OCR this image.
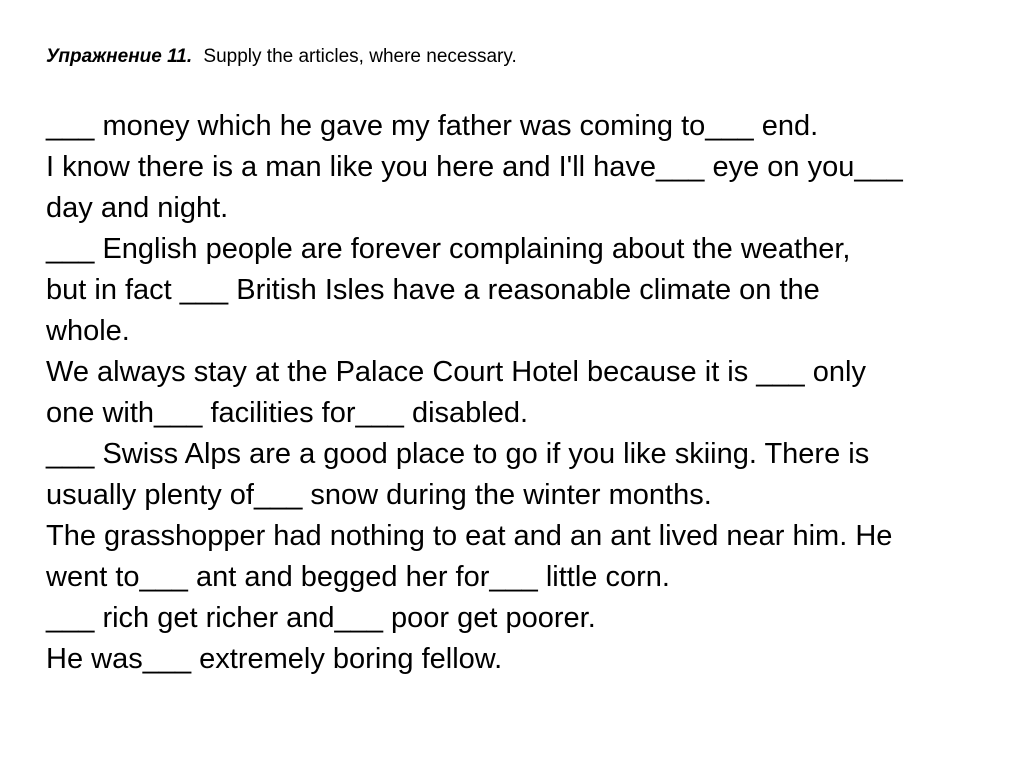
Упражнение 11. Supply the articles, where necessary.

___ money which he gave my father was coming to___ end.

I know there is a man like you here and I'll have___ eye on you___

day and night.

___ English people are forever complaining about the weather,

but in fact ___ British Isles have a reasonable climate on the

whole.

We always stay at the Palace Court Hotel because it is ___ only

one with___ facilities for___ disabled.

___ Swiss Alps are a good place to go if you like skiing. There is

usually plenty of___ snow during the winter months.

The grasshopper had nothing to eat and an ant lived near him. He

went to___ ant and begged her for___ little corn.

___ rich get richer and___ poor get poorer.

He was___ extremely boring fellow.
